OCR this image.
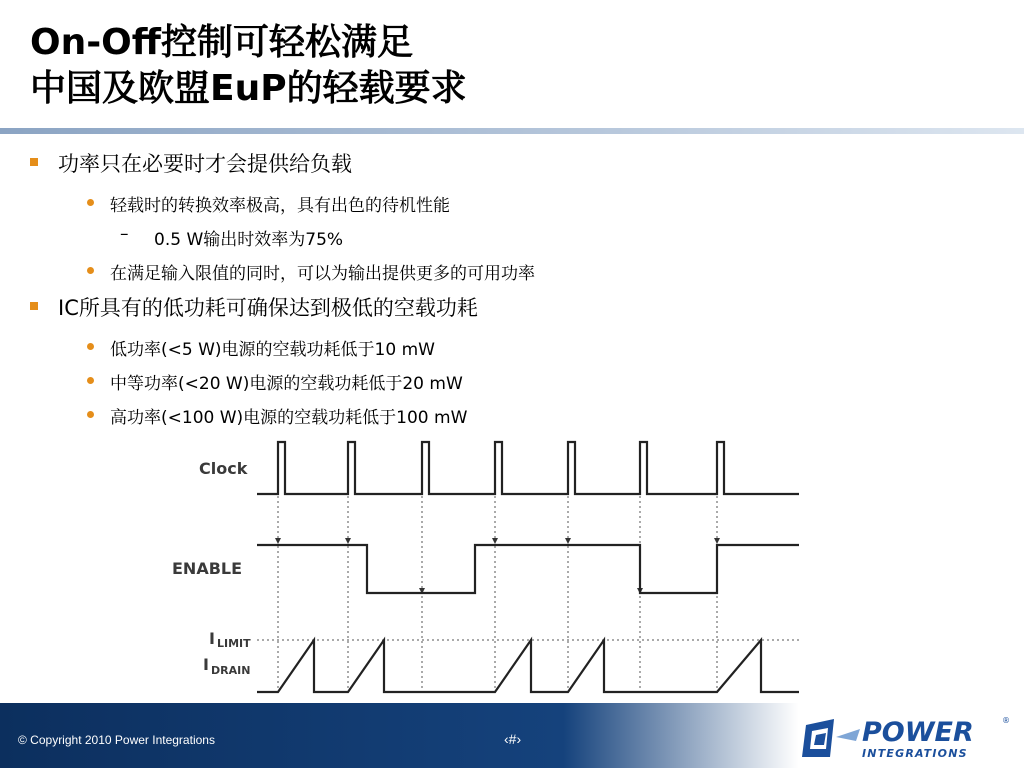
On-Off控制可轻松满足
中国及欧盟EuP的轻载要求
功率只在必要时才会提供给负载
轻载时的转换效率极高，具有出色的待机性能
– 0.5 W输出时效率为75%
在满足输入限值的同时，可以为输出提供更多的可用功率
IC所具有的低功耗可确保达到极低的空载功耗
低功率(<5 W)电源的空载功耗低于10 mW
中等功率(<20 W)电源的空载功耗低于20 mW
高功率(<100 W)电源的空载功耗低于100 mW
Clock
ENABLE
I LIMIT
I DRAIN
© Copyright 2010 Power Integrations	‹#›	POWER
INTEGRATIONS
®
